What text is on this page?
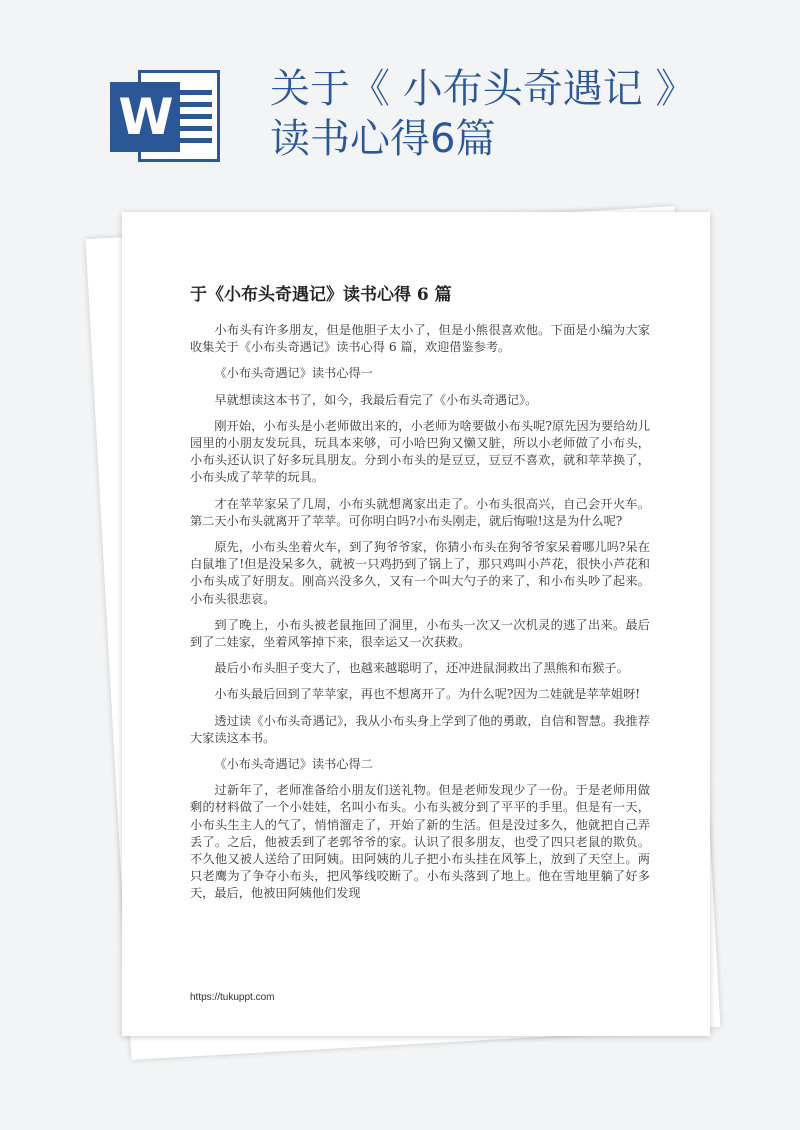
W 关于《 小布头奇遇记 》
读书心得6篇
于《小布头奇遇记》读书心得 6 篇

小布头有许多朋友，但是他胆子太小了，但是小熊很喜欢他。下面是小编为大家收集关于《小布头奇遇记》读书心得 6 篇，欢迎借鉴参考。

《小布头奇遇记》读书心得一

早就想读这本书了，如今，我最后看完了《小布头奇遇记》。

刚开始，小布头是小老师做出来的，小老师为啥要做小布头呢?原先因为要给幼儿园里的小朋友发玩具，玩具本来够，可小哈巴狗又懒又脏，所以小老师做了小布头，小布头还认识了好多玩具朋友。分到小布头的是豆豆，豆豆不喜欢，就和苹苹换了，小布头成了苹苹的玩具。

才在苹苹家呆了几周，小布头就想离家出走了。小布头很高兴，自己会开火车。第二天小布头就离开了苹苹。可你明白吗?小布头刚走，就后悔啦!这是为什么呢?

原先，小布头坐着火车，到了狗爷爷家，你猜小布头在狗爷爷家呆着哪儿吗?呆在白鼠堆了!但是没呆多久，就被一只鸡扔到了锅上了，那只鸡叫小芦花，很快小芦花和小布头成了好朋友。刚高兴没多久，又有一个叫大勺子的来了，和小布头吵了起来。小布头很悲哀。

到了晚上，小布头被老鼠拖回了洞里，小布头一次又一次机灵的逃了出来。最后到了二娃家，坐着风筝掉下来，很幸运又一次获救。

最后小布头胆子变大了，也越来越聪明了，还冲进鼠洞救出了黑熊和布猴子。

小布头最后回到了苹苹家，再也不想离开了。为什么呢?因为二娃就是苹苹姐呀!

透过读《小布头奇遇记》，我从小布头身上学到了他的勇敢，自信和智慧。我推荐大家读这本书。

《小布头奇遇记》读书心得二

过新年了，老师准备给小朋友们送礼物。但是老师发现少了一份。于是老师用做剩的材料做了一个小娃娃，名叫小布头。小布头被分到了平平的手里。但是有一天，小布头生主人的气了，悄悄溜走了，开始了新的生活。但是没过多久，他就把自己弄丢了。之后，他被丢到了老郭爷爷的家。认识了很多朋友，也受了四只老鼠的欺负。不久他又被人送给了田阿姨。田阿姨的儿子把小布头挂在风筝上，放到了天空上。两只老鹰为了争夺小布头，把风筝线咬断了。小布头落到了地上。他在雪地里躺了好多天，最后，他被田阿姨他们发现

https://tukuppt.com
